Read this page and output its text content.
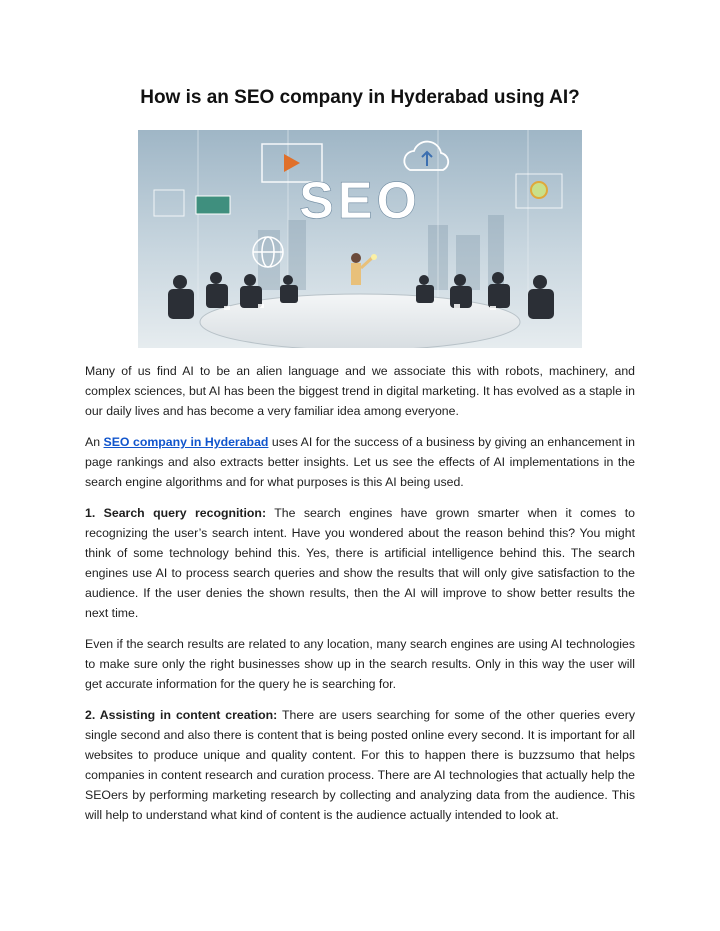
How is an SEO company in Hyderabad using AI?
SEO

Many of us find AI to be an alien language and we associate this with robots, machinery, and complex sciences, but AI has been the biggest trend in digital marketing. It has evolved as a staple in our daily lives and has become a very familiar idea among everyone.

An SEO company in Hyderabad uses AI for the success of a business by giving an enhancement in page rankings and also extracts better insights. Let us see the effects of AI implementations in the search engine algorithms and for what purposes is this AI being used.

1. Search query recognition: The search engines have grown smarter when it comes to recognizing the user’s search intent. Have you wondered about the reason behind this? You might think of some technology behind this. Yes, there is artificial intelligence behind this. The search engines use AI to process search queries and show the results that will only give satisfaction to the audience. If the user denies the shown results, then the AI will improve to show better results the next time.

Even if the search results are related to any location, many search engines are using AI technologies to make sure only the right businesses show up in the search results. Only in this way the user will get accurate information for the query he is searching for.

2. Assisting in content creation: There are users searching for some of the other queries every single second and also there is content that is being posted online every second. It is important for all websites to produce unique and quality content. For this to happen there is buzzsumo that helps companies in content research and curation process. There are AI technologies that actually help the SEOers by performing marketing research by collecting and analyzing data from the audience. This will help to understand what kind of content is the audience actually intended to look at.
